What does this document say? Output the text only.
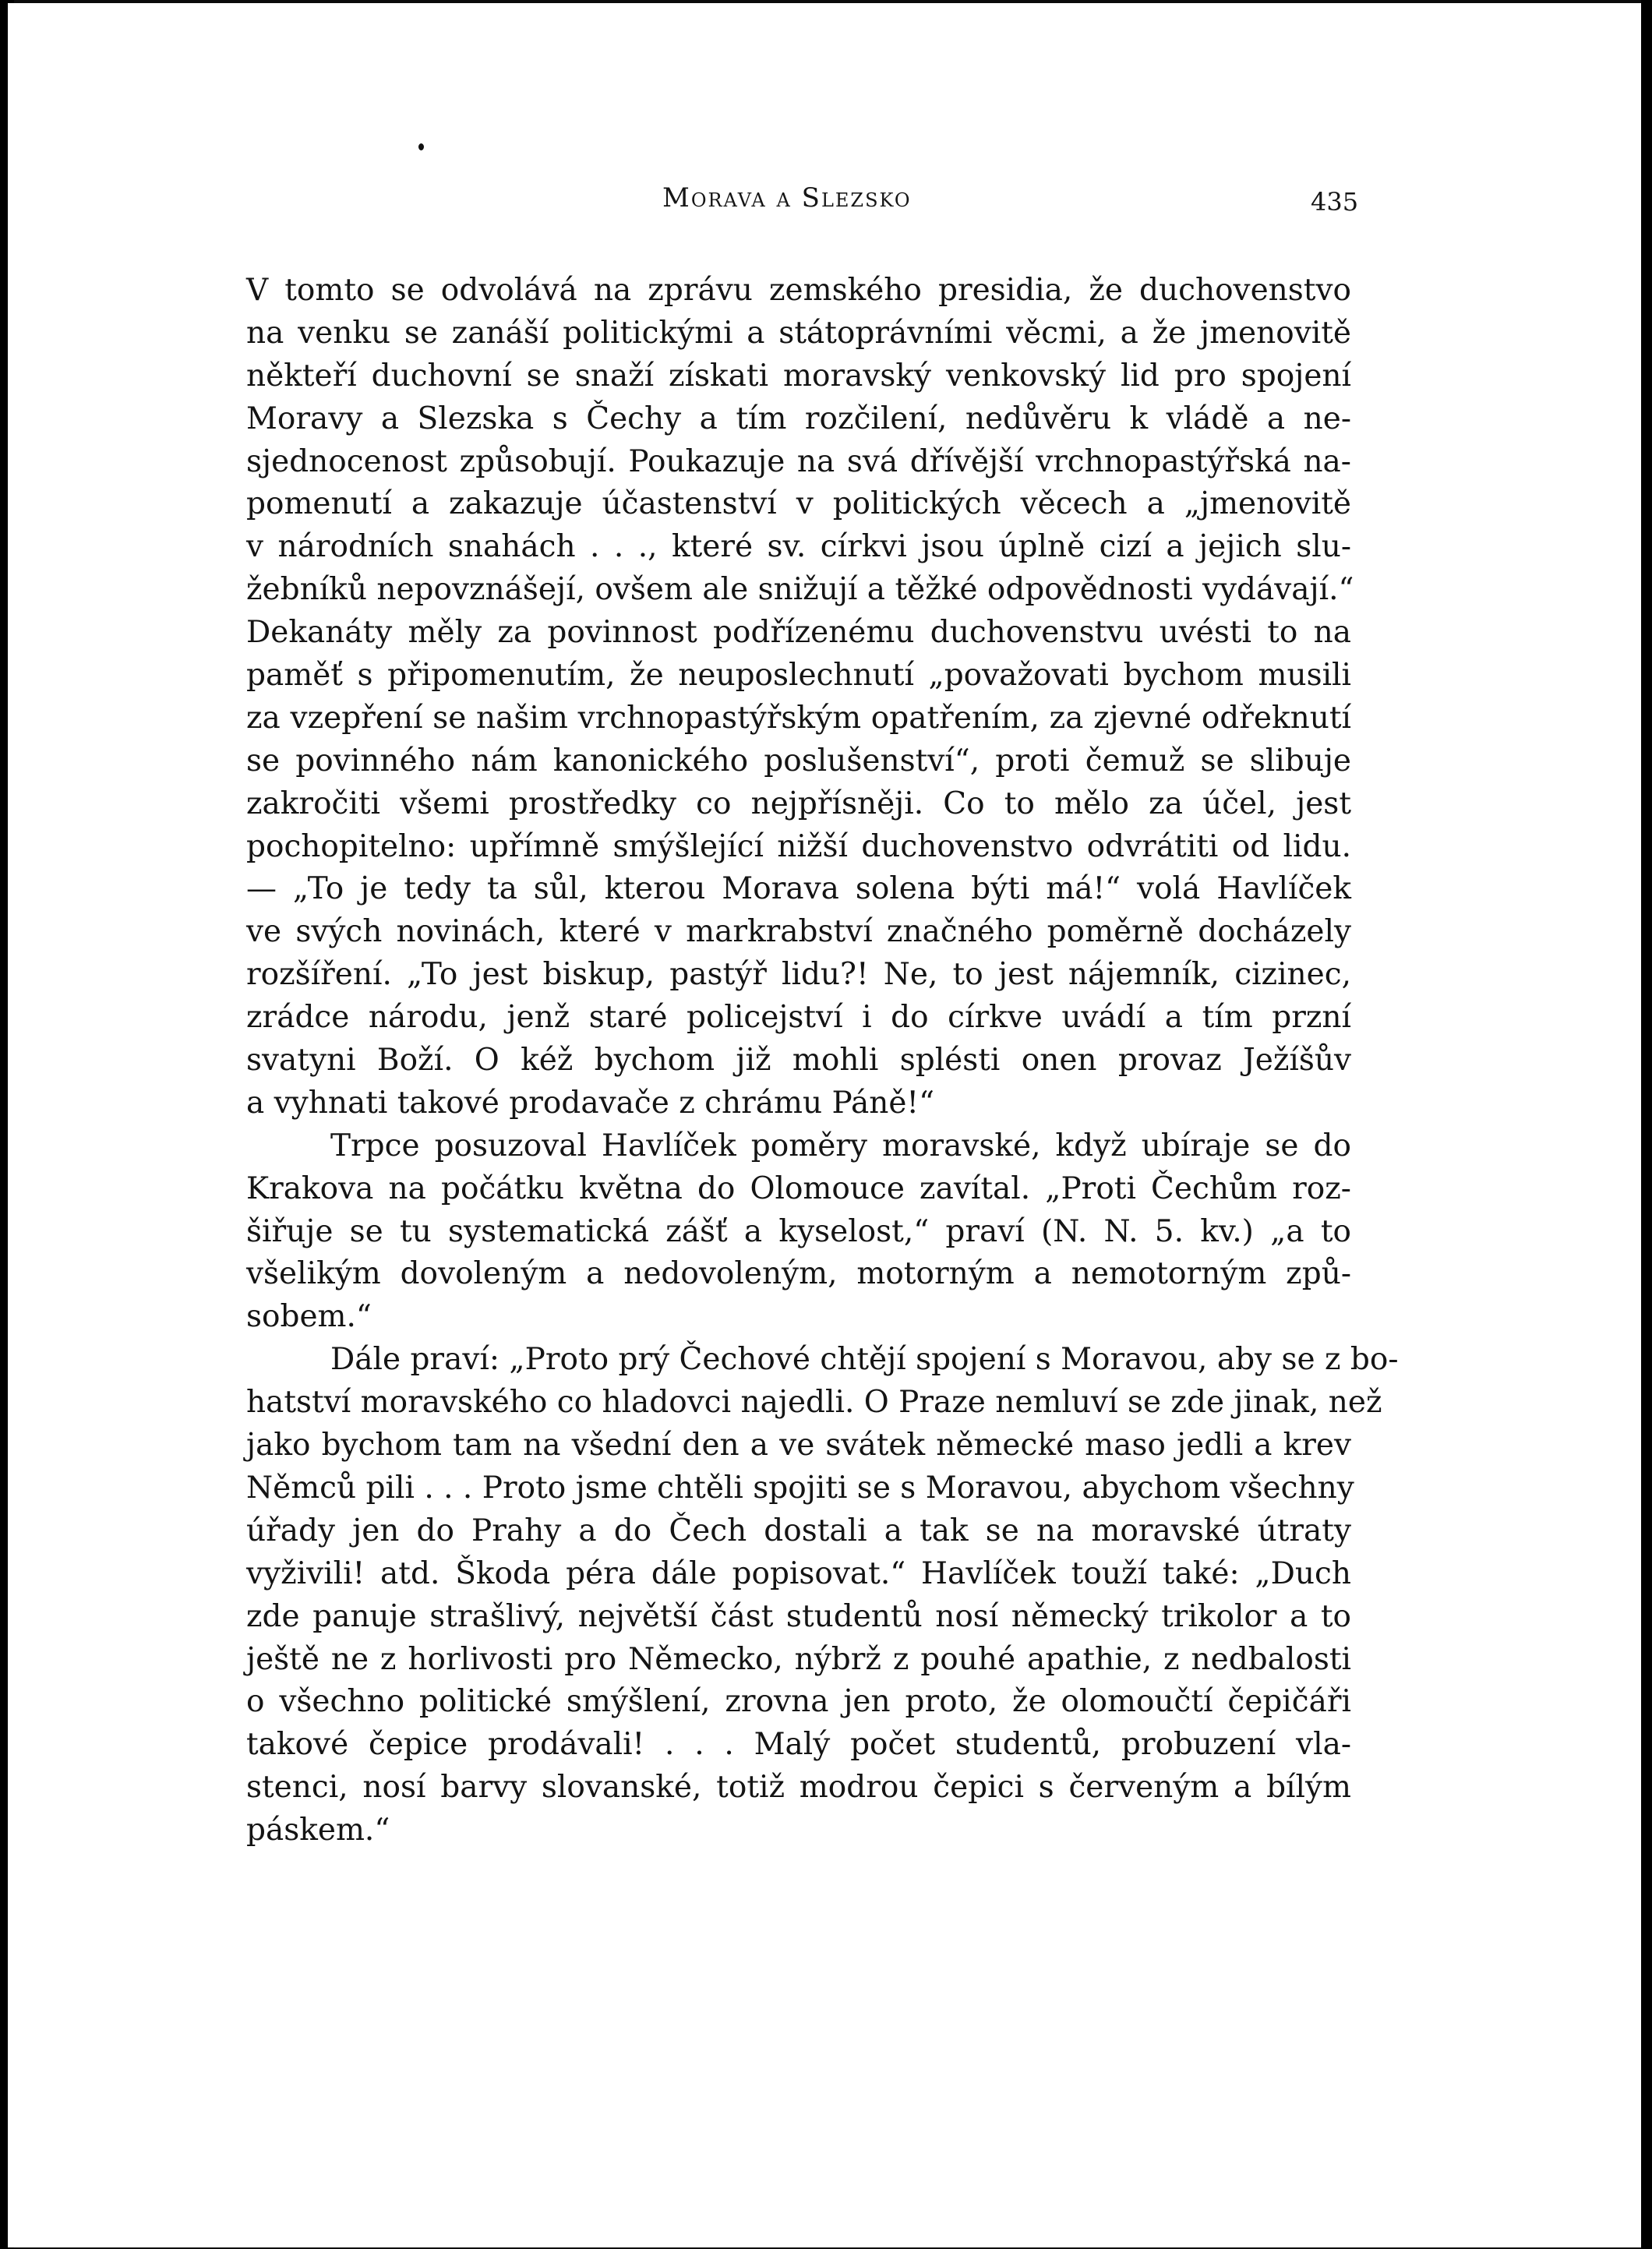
Morava a Slezsko	435
V tomto se odvolává na zprávu zemského presidia, že duchovenstvo
na venku se zanáší politickými a státoprávními věcmi, a že jmenovitě
někteří duchovní se snaží získati moravský venkovský lid pro spojení
Moravy a Slezska s Čechy a tím rozčilení, nedůvěru k vládě a ne-
sjednocenost způsobují. Poukazuje na svá dřívější vrchnopastýřská na-
pomenutí a zakazuje účastenství v politických věcech a „jmenovitě
v národních snahách . . ., které sv. církvi jsou úplně cizí a jejich slu-
žebníků nepovznášejí, ovšem ale snižují a těžké odpovědnosti vydávají.“
Dekanáty měly za povinnost podřízenému duchovenstvu uvésti to na
paměť s připomenutím, že neuposlechnutí „považovati bychom musili
za vzepření se našim vrchnopastýřským opatřením, za zjevné odřeknutí
se povinného nám kanonického poslušenství“, proti čemuž se slibuje
zakročiti všemi prostředky co nejpřísněji. Co to mělo za účel, jest
pochopitelno: upřímně smýšlející nižší duchovenstvo odvrátiti od lidu.
— „To je tedy ta sůl, kterou Morava solena býti má!“ volá Havlíček
ve svých novinách, které v markrabství značného poměrně docházely
rozšíření. „To jest biskup, pastýř lidu?! Ne, to jest nájemník, cizinec,
zrádce národu, jenž staré policejství i do církve uvádí a tím przní
svatyni Boží. O kéž bychom již mohli splésti onen provaz Ježíšův
a vyhnati takové prodavače z chrámu Páně!“
Trpce posuzoval Havlíček poměry moravské, když ubíraje se do
Krakova na počátku května do Olomouce zavítal. „Proti Čechům roz-
šiřuje se tu systematická zášť a kyselost,“ praví (N. N. 5. kv.) „a to
všelikým dovoleným a nedovoleným, motorným a nemotorným způ-
sobem.“
Dále praví: „Proto prý Čechové chtějí spojení s Moravou, aby se z bo-
hatství moravského co hladovci najedli. O Praze nemluví se zde jinak, než
jako bychom tam na všední den a ve svátek německé maso jedli a krev
Němců pili . . . Proto jsme chtěli spojiti se s Moravou, abychom všechny
úřady jen do Prahy a do Čech dostali a tak se na moravské útraty
vyživili! atd. Škoda péra dále popisovat.“ Havlíček touží také: „Duch
zde panuje strašlivý, největší část studentů nosí německý trikolor a to
ještě ne z horlivosti pro Německo, nýbrž z pouhé apathie, z nedbalosti
o všechno politické smýšlení, zrovna jen proto, že olomoučtí čepičáři
takové čepice prodávali! . . . Malý počet studentů, probuzení vla-
stenci, nosí barvy slovanské, totiž modrou čepici s červeným a bílým
páskem.“
